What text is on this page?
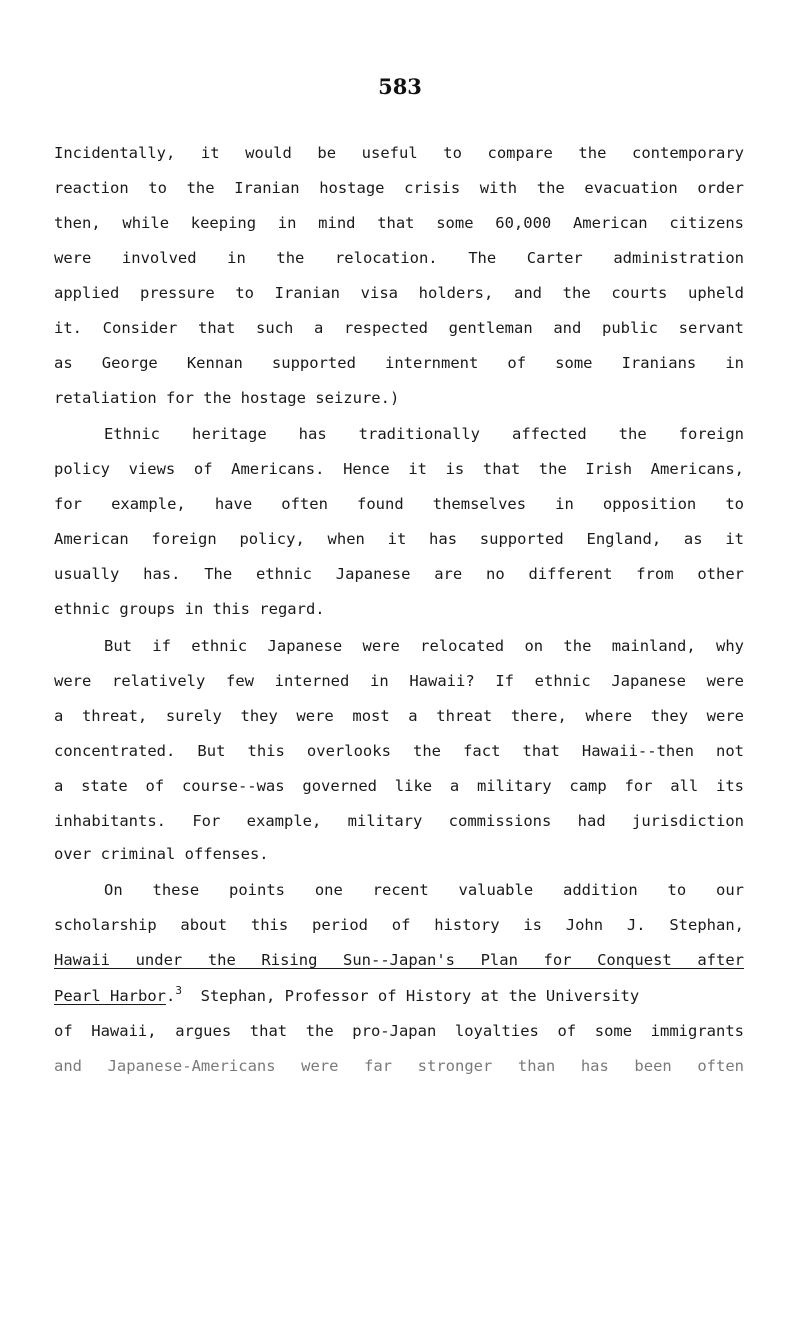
583
Incidentally, it would be useful to compare the contemporary
reaction to the Iranian hostage crisis with the evacuation order
then, while keeping in mind that some 60,000 American citizens
were involved in the relocation. The Carter administration
applied pressure to Iranian visa holders, and the courts upheld
it. Consider that such a respected gentleman and public servant
as George Kennan supported internment of some Iranians in
retaliation for the hostage seizure.)
Ethnic heritage has traditionally affected the foreign
policy views of Americans. Hence it is that the Irish Americans,
for example, have often found themselves in opposition to
American foreign policy, when it has supported England, as it
usually has. The ethnic Japanese are no different from other
ethnic groups in this regard.
But if ethnic Japanese were relocated on the mainland, why
were relatively few interned in Hawaii? If ethnic Japanese were
a threat, surely they were most a threat there, where they were
concentrated. But this overlooks the fact that Hawaii--then not
a state of course--was governed like a military camp for all its
inhabitants. For example, military commissions had jurisdiction
over criminal offenses.
On these points one recent valuable addition to our
scholarship about this period of history is John J. Stephan,
Hawaii under the Rising Sun--Japan's Plan for Conquest after
Pearl Harbor.$^3$ Stephan, Professor of History at the University
of Hawaii, argues that the pro-Japan loyalties of some immigrants
and Japanese-Americans were far stronger than has been often
